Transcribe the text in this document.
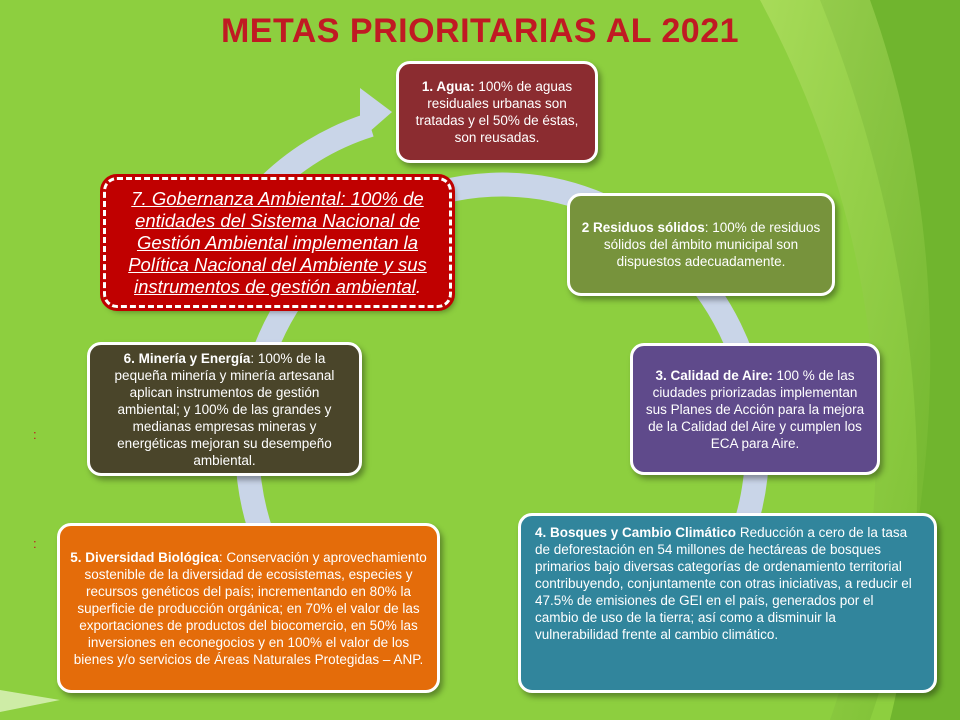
METAS PRIORITARIAS AL 2021

1. Agua: 100% de aguas residuales urbanas son tratadas y el 50% de éstas, son reusadas.

2 Residuos sólidos: 100% de residuos sólidos del ámbito municipal son dispuestos adecuadamente.

3. Calidad de Aire: 100 % de las ciudades priorizadas implementan sus Planes de Acción para la mejora de la Calidad del Aire y cumplen los ECA para Aire.

4. Bosques y Cambio Climático Reducción a cero de la tasa de deforestación en 54 millones de hectáreas de bosques primarios bajo diversas categorías de ordenamiento territorial contribuyendo, conjuntamente con otras iniciativas, a reducir el 47.5% de emisiones de GEI en el país, generados por el cambio de uso de la tierra; así como a disminuir la vulnerabilidad frente al cambio climático.

5. Diversidad Biológica: Conservación y aprovechamiento sostenible de la diversidad de ecosistemas, especies y recursos genéticos del país; incrementando en 80% la superficie de producción orgánica; en 70% el valor de las exportaciones de productos del biocomercio, en 50% las inversiones en econegocios y en 100% el valor de los bienes y/o servicios de Áreas Naturales Protegidas – ANP.

6. Minería y Energía: 100% de la pequeña minería y minería artesanal aplican instrumentos de gestión ambiental; y 100% de las grandes y medianas empresas mineras y energéticas mejoran su desempeño ambiental.

7. Gobernanza Ambiental: 100% de entidades del Sistema Nacional de Gestión Ambiental implementan la Política Nacional del Ambiente y sus instrumentos de gestión ambiental.

:
:
